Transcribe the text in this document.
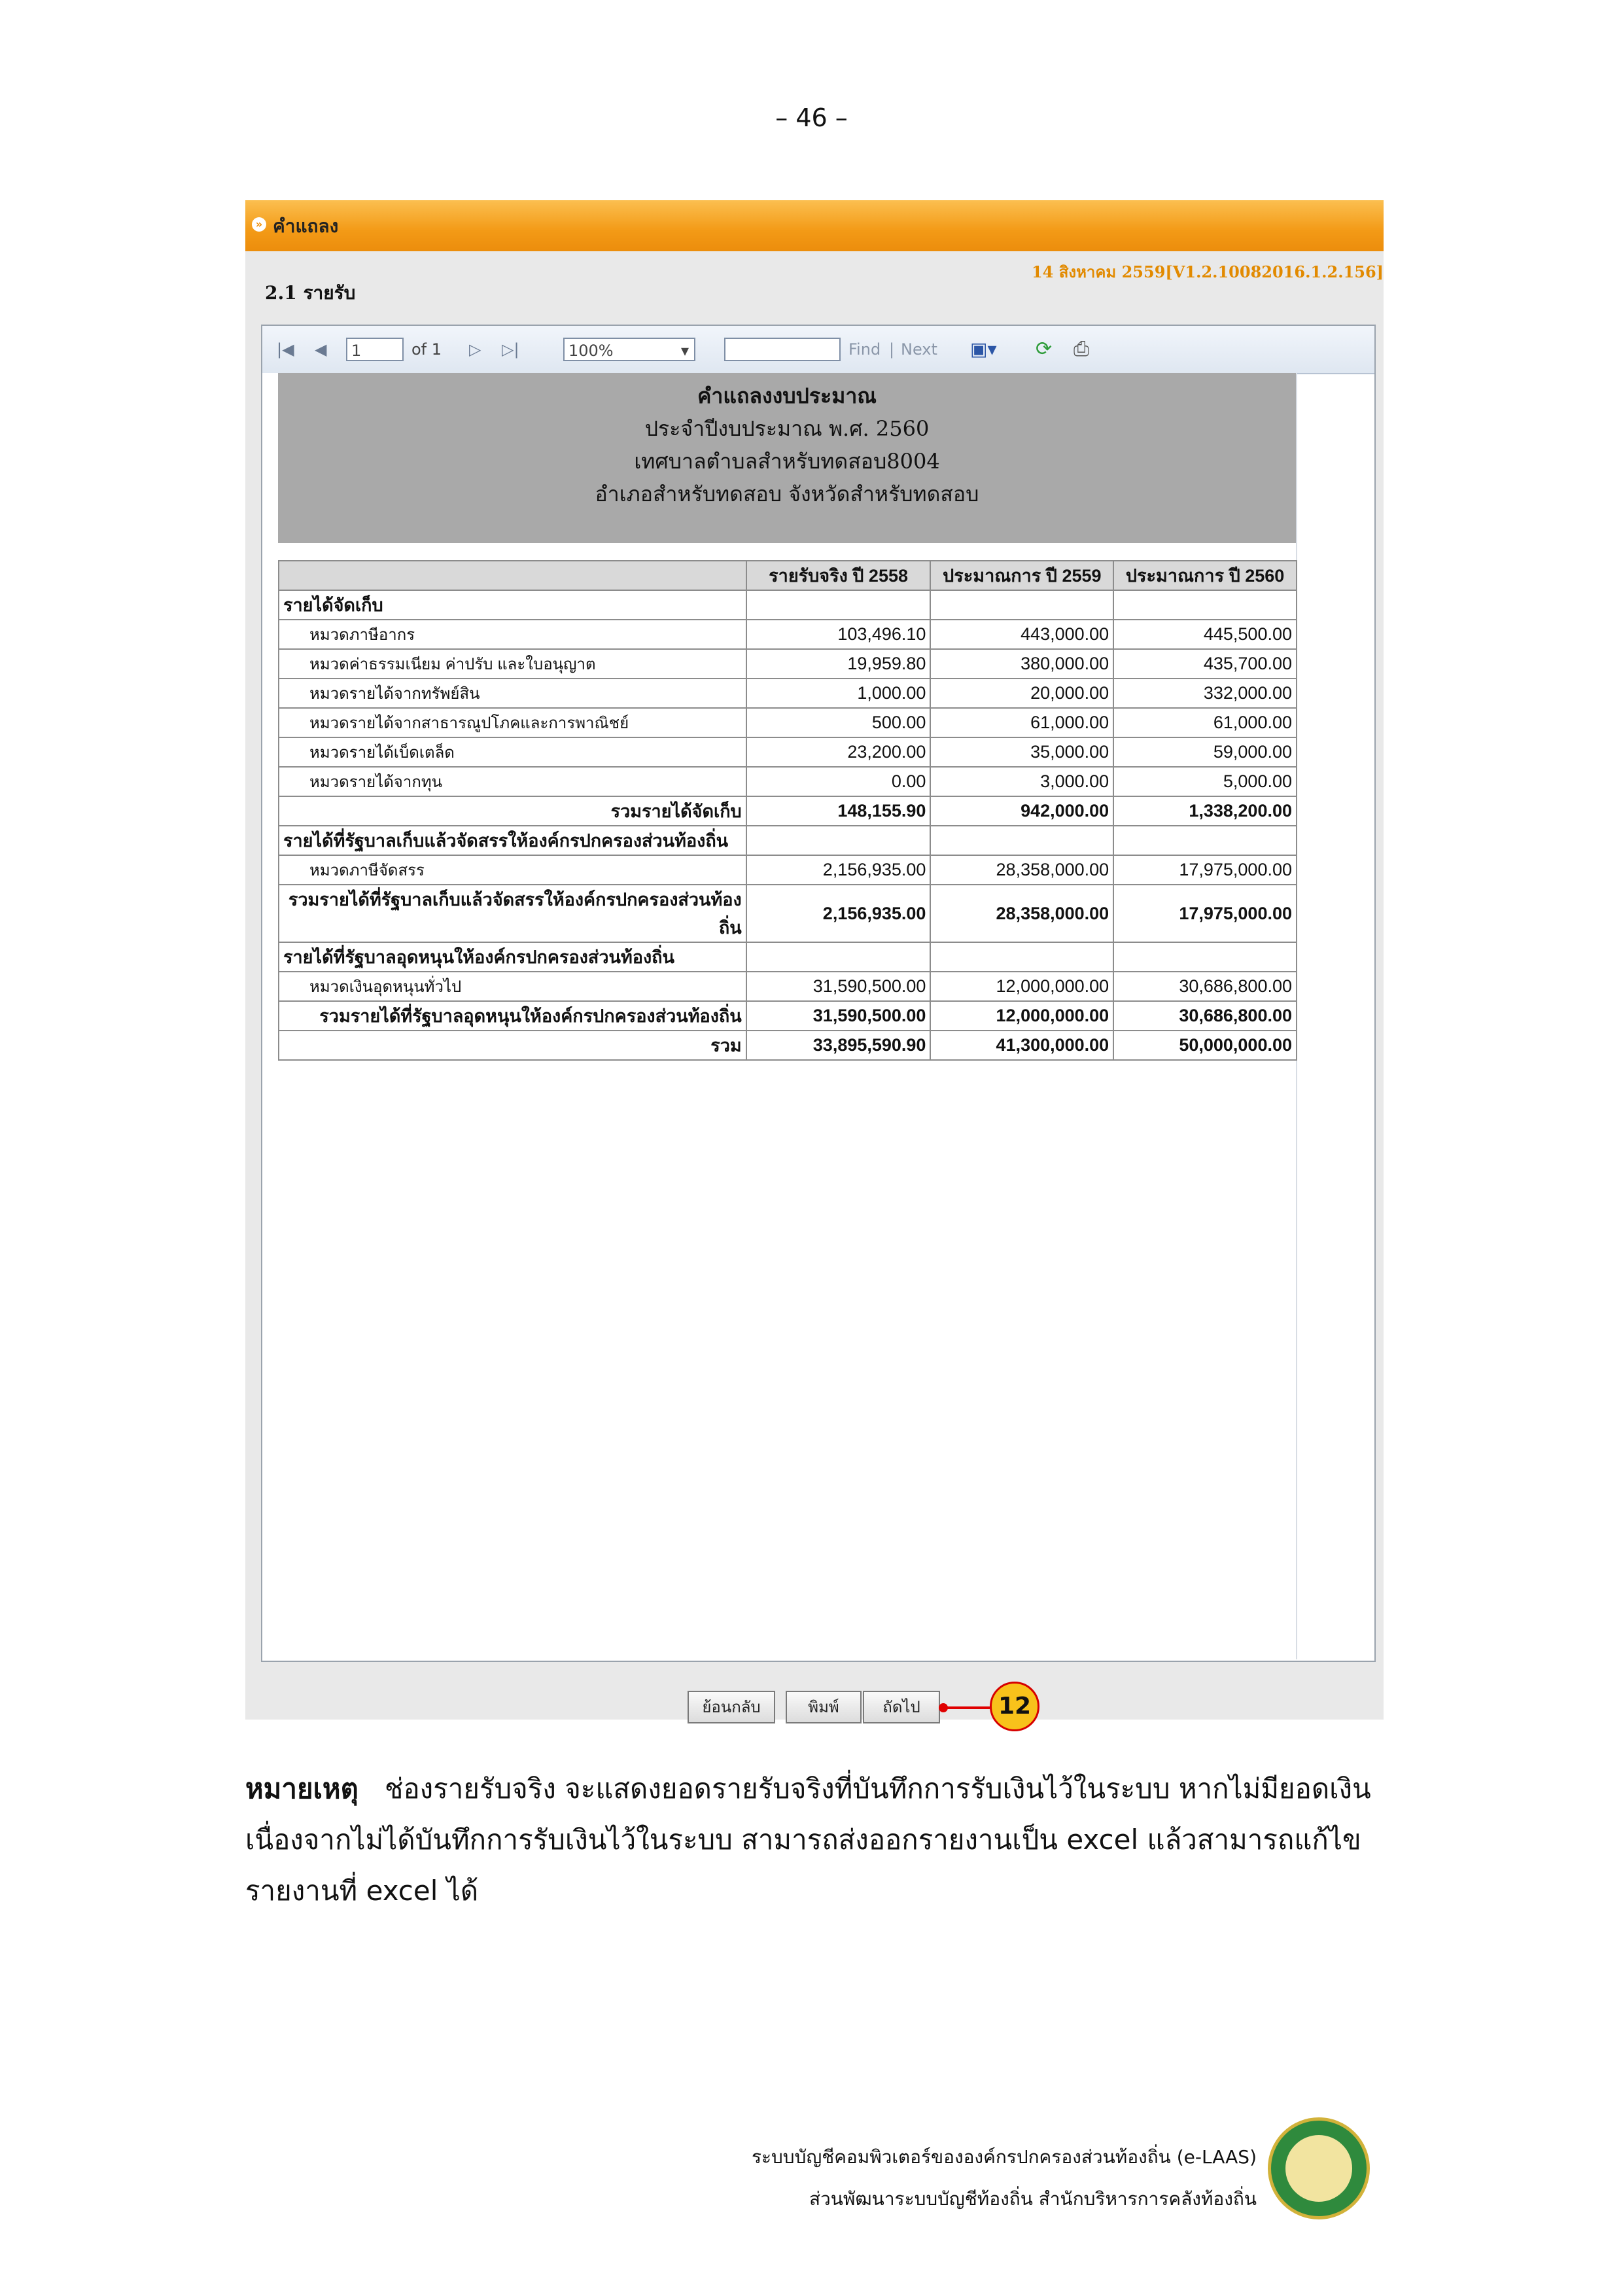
– 46 –
» คำแถลง
14 สิงหาคม 2559[V1.2.10082016.1.2.156]
2.1 รายรับ
|◀ ◀	1	of 1 ▷ ▷|	100%	▾	Find | Next ▣▾ ⟳ ⎙
คำแถลงงบประมาณ
ประจำปีงบประมาณ พ.ศ. 2560
เทศบาลตำบลสำหรับทดสอบ8004
อำเภอสำหรับทดสอบ จังหวัดสำหรับทดสอบ
	รายรับจริง ปี 2558	ประมาณการ ปี 2559	ประมาณการ ปี 2560
รายได้จัดเก็บ			
หมวดภาษีอากร	103,496.10	443,000.00	445,500.00
หมวดค่าธรรมเนียม ค่าปรับ และใบอนุญาต	19,959.80	380,000.00	435,700.00
หมวดรายได้จากทรัพย์สิน	1,000.00	20,000.00	332,000.00
หมวดรายได้จากสาธารณูปโภคและการพาณิชย์	500.00	61,000.00	61,000.00
หมวดรายได้เบ็ดเตล็ด	23,200.00	35,000.00	59,000.00
หมวดรายได้จากทุน	0.00	3,000.00	5,000.00
รวมรายได้จัดเก็บ	148,155.90	942,000.00	1,338,200.00
รายได้ที่รัฐบาลเก็บแล้วจัดสรรให้องค์กรปกครองส่วนท้องถิ่น			
หมวดภาษีจัดสรร	2,156,935.00	28,358,000.00	17,975,000.00
รวมรายได้ที่รัฐบาลเก็บแล้วจัดสรรให้องค์กรปกครองส่วนท้องถิ่น	2,156,935.00	28,358,000.00	17,975,000.00
รายได้ที่รัฐบาลอุดหนุนให้องค์กรปกครองส่วนท้องถิ่น			
หมวดเงินอุดหนุนทั่วไป	31,590,500.00	12,000,000.00	30,686,800.00
รวมรายได้ที่รัฐบาลอุดหนุนให้องค์กรปกครองส่วนท้องถิ่น	31,590,500.00	12,000,000.00	30,686,800.00
รวม	33,895,590.90	41,300,000.00	50,000,000.00
ย้อนกลับ	พิมพ์	ถัดไป	12
หมายเหตุ ช่องรายรับจริง จะแสดงยอดรายรับจริงที่บันทึกการรับเงินไว้ในระบบ หากไม่มียอดเงิน เนื่องจากไม่ได้บันทึกการรับเงินไว้ในระบบ สามารถส่งออกรายงานเป็น excel แล้วสามารถแก้ไขรายงานที่ excel ได้
ระบบบัญชีคอมพิวเตอร์ขององค์กรปกครองส่วนท้องถิ่น (e-LAAS)
ส่วนพัฒนาระบบบัญชีท้องถิ่น สำนักบริหารการคลังท้องถิ่น
